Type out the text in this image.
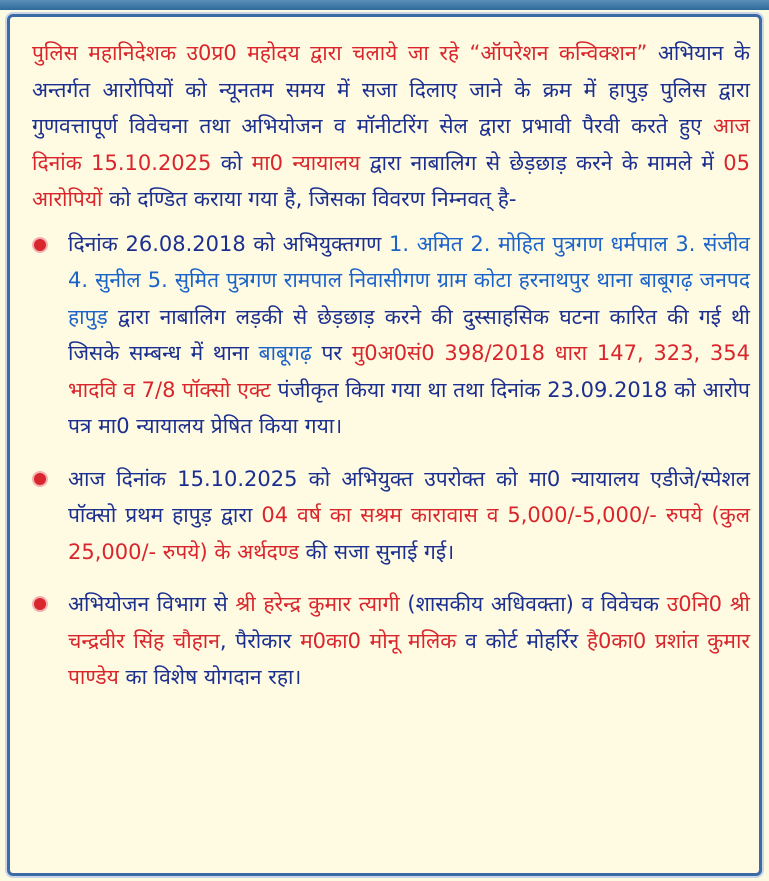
पुलिस महानिदेशक उ0प्र0 महोदय द्वारा चलाये जा रहे “ऑपरेशन कन्विक्शन” अभियान के अन्तर्गत आरोपियों को न्यूनतम समय में सजा दिलाए जाने के क्रम में हापुड़ पुलिस द्वारा गुणवत्तापूर्ण विवेचना तथा अभियोजन व मॉनीटरिंग सेल द्वारा प्रभावी पैरवी करते हुए आज दिनांक 15.10.2025 को मा0 न्यायालय द्वारा नाबालिग से छेड़छाड़ करने के मामले में 05 आरोपियों को दण्डित कराया गया है, जिसका विवरण निम्नवत् है-

दिनांक 26.08.2018 को अभियुक्तगण 1. अमित 2. मोहित पुत्रगण धर्मपाल 3. संजीव 4. सुनील 5. सुमित पुत्रगण रामपाल निवासीगण ग्राम कोटा हरनाथपुर थाना बाबूगढ़ जनपद हापुड़ द्वारा नाबालिग लड़की से छेड़छाड़ करने की दुस्साहसिक घटना कारित की गई थी जिसके सम्बन्ध में थाना बाबूगढ़ पर मु0अ0सं0 398/2018 धारा 147, 323, 354 भादवि व 7/8 पॉक्सो एक्ट पंजीकृत किया गया था तथा दिनांक 23.09.2018 को आरोप पत्र मा0 न्यायालय प्रेषित किया गया।
आज दिनांक 15.10.2025 को अभियुक्त उपरोक्त को मा0 न्यायालय एडीजे/स्पेशल पॉक्सो प्रथम हापुड़ द्वारा 04 वर्ष का सश्रम कारावास व 5,000/-5,000/- रुपये (कुल 25,000/- रुपये) के अर्थदण्ड की सजा सुनाई गई।
अभियोजन विभाग से श्री हरेन्द्र कुमार त्यागी (शासकीय अधिवक्ता) व विवेचक उ0नि0 श्री चन्द्रवीर सिंह चौहान, पैरोकार म0का0 मोनू मलिक व कोर्ट मोहर्रिर है0का0 प्रशांत कुमार पाण्डेय का विशेष योगदान रहा।
